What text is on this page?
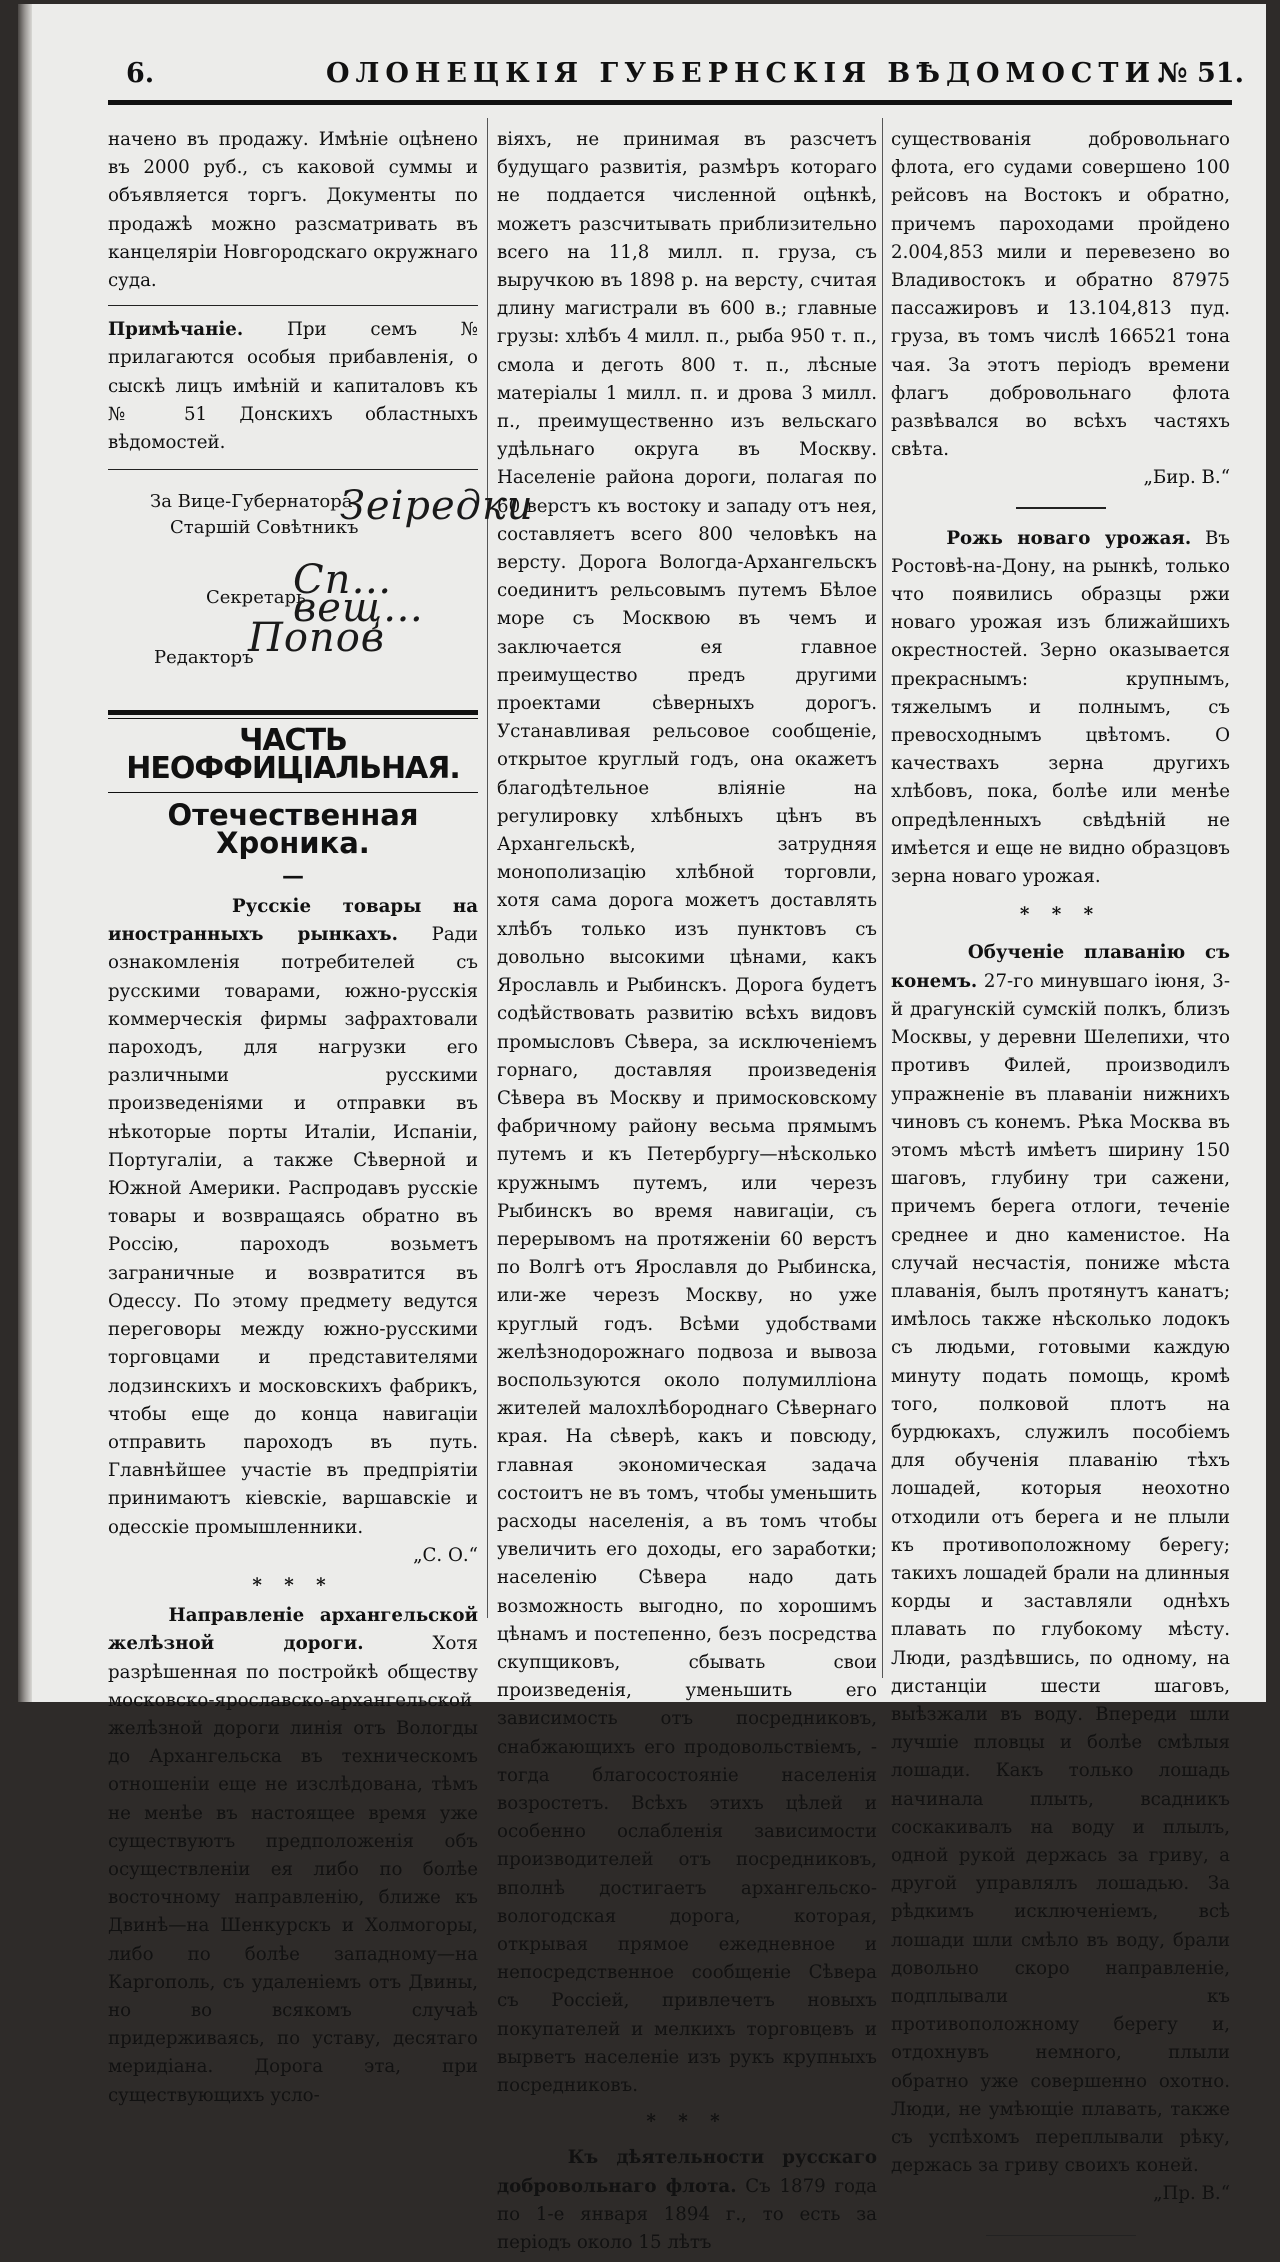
6.	ОЛОНЕЦКІЯ ГУБЕРНСКІЯ ВѢДОМОСТИ.
№ 51.

начено въ продажу. Имѣніе оцѣнено въ 2000 руб., съ каковой суммы и объявляется торгъ. Документы по продажѣ можно разсматривать въ канцеляріи Новгородскаго окружнаго суда.

Примѣчаніе. При семъ № прилагаются особыя прибавленія, о сыскѣ лицъ имѣній и капиталовъ къ № 51 Донскихъ областныхъ вѣдомостей.

За Вице-Губернатора
Старшій Совѣтникъ
Зеiредки
Секретарь
Сп…вещ…
Редакторъ
Попов
ЧАСТЬ НЕОФФИЦІАЛЬНАЯ.
Отечественная Хроника.
—

Русскіе товары на иностранныхъ рынкахъ. Ради ознакомленія потребителей съ русскими товарами, южно-русскія коммерческія фирмы зафрахтовали пароходъ, для нагрузки его различными русскими произведеніями и отправки въ нѣкоторые порты Италіи, Испаніи, Португаліи, а также Сѣверной и Южной Америки. Распродавъ русскіе товары и возвращаясь обратно въ Россію, пароходъ возьметъ заграничные и возвратится въ Одессу. По этому предмету ведутся переговоры между южно-русскими торговцами и представителями лодзинскихъ и московскихъ фабрикъ, чтобы еще до конца навигаціи отправить пароходъ въ путь. Главнѣйшее участіе въ предпріятіи принимаютъ кіевскіе, варшавскіе и одесскіе промышленники.

„С. О.“

* * *

Направленіе архангельской желѣзной дороги.	Хотя разрѣшенная по постройкѣ обществу московско-ярославско-архангельской желѣзной дороги линія отъ Вологды до Архангельска въ техническомъ отношеніи еще не изслѣдована, тѣмъ не менѣе въ настоящее время уже существуютъ предположенія объ осуществленіи ея либо по болѣе восточному направленію, ближе къ Двинѣ—на Шенкурскъ и Холмогоры, либо по болѣе западному—на Каргополь, съ удаленіемъ отъ Двины, но во всякомъ случаѣ придерживаясь, по уставу, десятаго меридіана. Дорога эта, при существующихъ усло-

віяхъ, не принимая въ разсчетъ будущаго развитія, размѣръ котораго не поддается численной оцѣнкѣ, можетъ разсчитывать приблизительно всего на 11,8 милл. п. груза, съ выручкою въ 1898 р. на версту, считая длину магистрали въ 600 в.; главные грузы: хлѣбъ 4 милл. п., рыба 950 т. п., смола и деготь 800 т. п., лѣсные матеріалы 1 милл. п. и дрова 3 милл. п., преимущественно изъ вельскаго удѣльнаго округа въ Москву. Населеніе района дороги, полагая по 60 верстъ къ востоку и западу отъ нея, составляетъ всего 800 человѣкъ на версту. Дорога Вологда-Архангельскъ соединитъ рельсовымъ путемъ Бѣлое море съ Москвою въ чемъ и заключается ея главное преимущество предъ другими проектами сѣверныхъ дорогъ. Устанавливая рельсовое сообщеніе, открытое круглый годъ, она окажетъ благодѣтельное вліяніе на регулировку хлѣбныхъ цѣнъ въ Архангельскѣ, затрудняя монополизацію хлѣбной торговли, хотя сама дорога можетъ доставлять хлѣбъ только изъ пунктовъ съ довольно высокими цѣнами, какъ Ярославль и Рыбинскъ. Дорога будетъ содѣйствовать развитію всѣхъ видовъ промысловъ Сѣвера, за исключеніемъ горнаго, доставляя произведенія Сѣвера въ Москву и примосковскому фабричному району весьма прямымъ путемъ и къ Петербургу—нѣсколько кружнымъ путемъ, или черезъ Рыбинскъ во время навигаціи, съ перерывомъ на протяженіи 60 верстъ по Волгѣ отъ Ярославля до Рыбинска, или-же черезъ Москву, но уже круглый годъ. Всѣми удобствами желѣзнодорожнаго подвоза и вывоза воспользуются около полумилліона жителей малохлѣбороднаго Сѣвернаго края. На сѣверѣ, какъ и повсюду, главная экономическая задача состоитъ не въ томъ, чтобы уменьшить расходы населенія, а въ томъ чтобы увеличить его доходы, его заработки; населенію Сѣвера надо дать возможность выгодно, по хорошимъ цѣнамъ и постепенно, безъ посредства скупщиковъ, сбывать свои произведенія, уменьшить его зависимость отъ посредниковъ, снабжающихъ его продовольствіемъ, - тогда благосостояніе населенія возростетъ. Всѣхъ этихъ цѣлей и особенно ослабленія зависимости производителей отъ посредниковъ, вполнѣ достигаетъ архангельско-вологодская дорога, которая, открывая прямое ежедневное и непосредственное сообщеніе Сѣвера съ Россіей, привлечетъ новыхъ покупателей и мелкихъ торговцевъ и вырветъ населеніе изъ рукъ крупныхъ посредниковъ.

* * *

Къ дѣятельности русскаго добровольнаго флота. Съ 1879 года по 1-е января 1894 г., то есть за періодъ около 15 лѣтъ

существованія добровольнаго флота, его судами совершено 100 рейсовъ на Востокъ и обратно, причемъ пароходами пройдено 2.004,853 мили и перевезено во Владивостокъ и обратно 87975 пассажировъ и 13.104,813 пуд. груза, въ томъ числѣ 166521 тона чая. За этотъ періодъ времени флагъ добровольнаго флота развѣвался во всѣхъ частяхъ свѣта.

„Бир. В.“

Рожь новаго урожая. Въ Ростовѣ-на-Дону, на рынкѣ, только что появились образцы ржи новаго урожая изъ ближайшихъ окрестностей. Зерно оказывается прекраснымъ: крупнымъ, тяжелымъ и полнымъ, съ превосходнымъ цвѣтомъ. О качествахъ зерна другихъ хлѣбовъ, пока, болѣе или менѣе опредѣленныхъ свѣдѣній не имѣется и еще не видно образцовъ зерна новаго урожая.

* * *

Обученіе плаванію съ конемъ. 27-го минувшаго іюня, 3-й драгунскій сумскій полкъ, близъ Москвы, у деревни Шелепихи, что противъ Филей, производилъ упражненіе въ плаваніи нижнихъ чиновъ съ конемъ. Рѣка Москва въ этомъ мѣстѣ имѣетъ ширину 150 шаговъ, глубину три сажени, причемъ берега отлоги, теченіе среднее и дно каменистое. На случай несчастія, пониже мѣста плаванія, былъ протянутъ канатъ; имѣлось также нѣсколько лодокъ съ людьми, готовыми каждую минуту подать помощь, кромѣ того, полковой плотъ на бурдюкахъ, служилъ пособіемъ для обученія плаванію тѣхъ лошадей, которыя неохотно отходили отъ берега и не плыли къ противоположному берегу; такихъ лошадей брали на длинныя корды и заставляли однѣхъ плавать по глубокому мѣсту. Люди, раздѣвшись, по одному, на дистанціи шести шаговъ, выѣзжали въ воду. Впереди шли лучшіе пловцы и болѣе смѣлыя лошади. Какъ только лошадь начинала плыть, всадникъ соскакивалъ на воду и плылъ, одной рукой держась за гриву, а другой управлялъ лошадью. За рѣдкимъ исключеніемъ, всѣ лошади шли смѣло въ воду, брали довольно скоро направленіе, подплывали къ противоположному берегу и, отдохнувъ немного, плыли обратно уже совершенно охотно. Люди, не умѣющіе плавать, также съ успѣхомъ переплывали рѣку, держась за гриву своихъ коней.

„Пр. В.“
